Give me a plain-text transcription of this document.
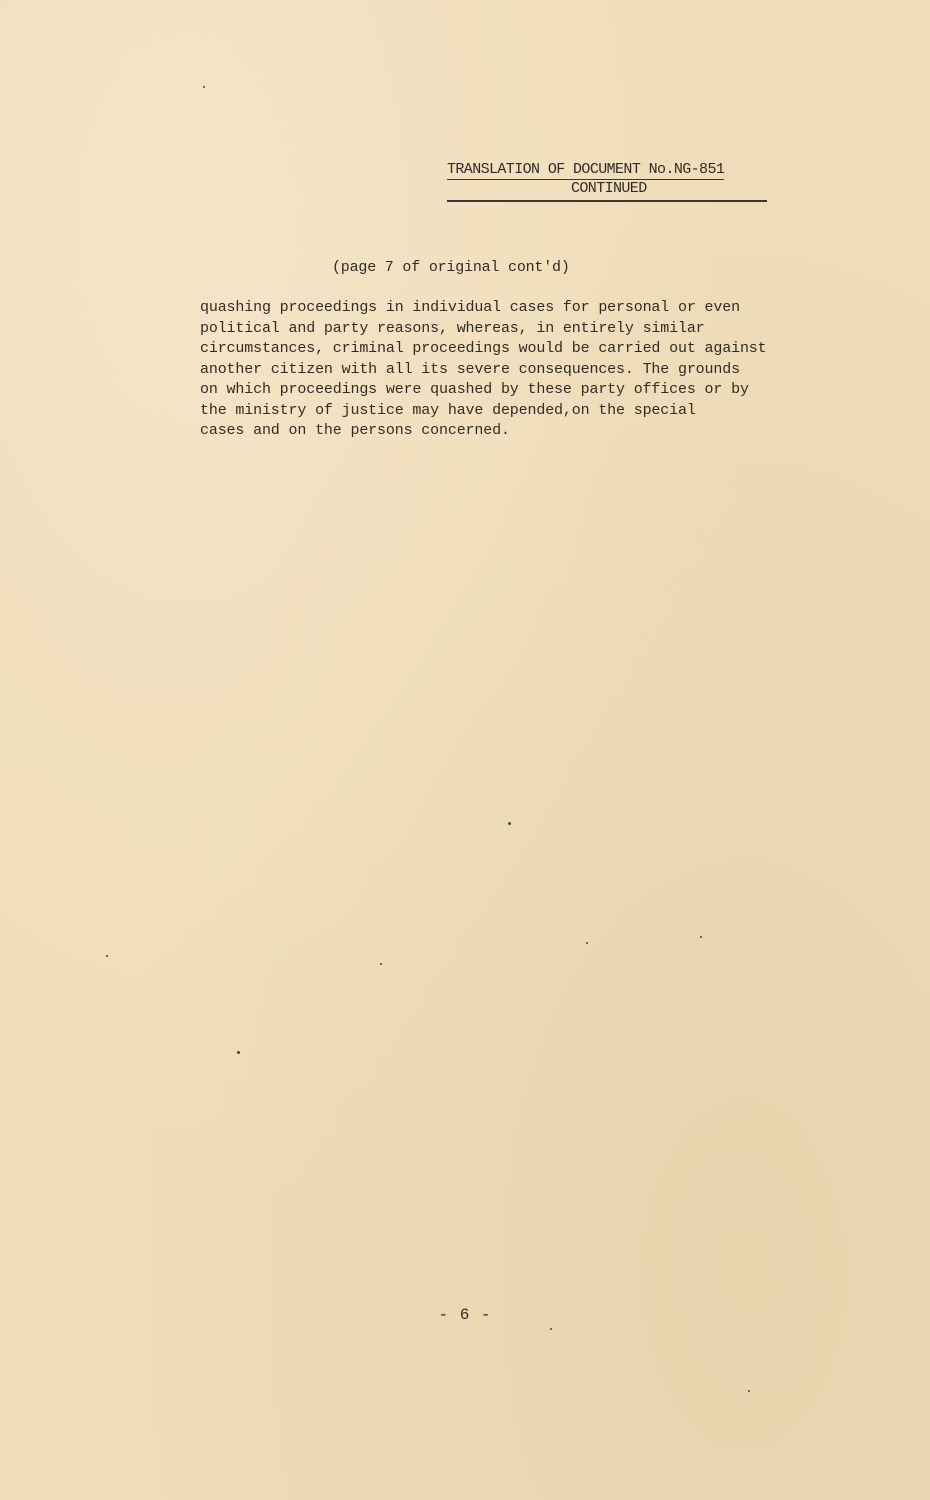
TRANSLATION OF DOCUMENT No.NG-851
CONTINUED
(page 7 of original cont'd)
quashing proceedings in individual cases for personal or even
political and party reasons, whereas, in entirely similar
circumstances, criminal proceedings would be carried out against
another citizen with all its severe consequences. The grounds
on which proceedings were quashed by these party offices or by
the ministry of justice may have depended,on the special
cases and on the persons concerned.
- 6 -
